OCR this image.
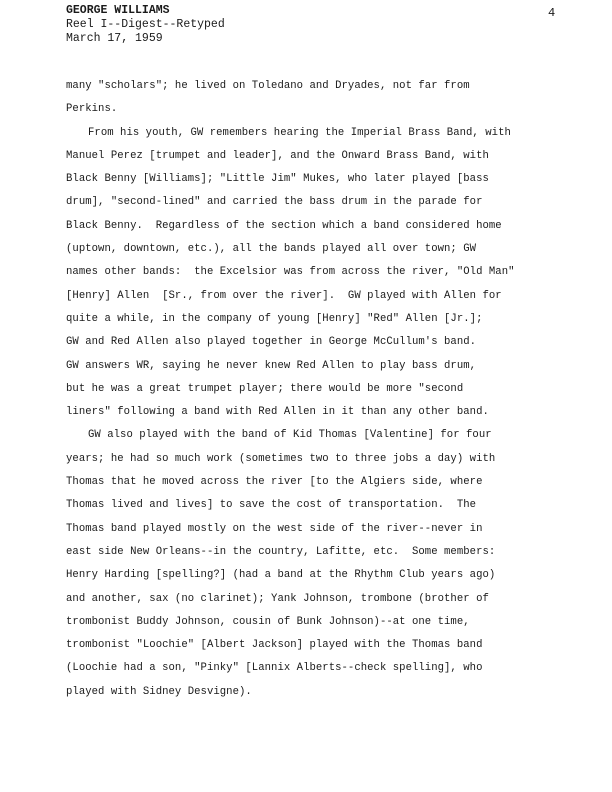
GEORGE WILLIAMS
Reel I--Digest--Retyped
March 17, 1959
4
many "scholars"; he lived on Toledano and Dryades, not far from
Perkins.
From his youth, GW remembers hearing the Imperial Brass Band, with
Manuel Perez [trumpet and leader], and the Onward Brass Band, with
Black Benny [Williams]; "Little Jim" Mukes, who later played [bass
drum], "second-lined" and carried the bass drum in the parade for
Black Benny.  Regardless of the section which a band considered home
(uptown, downtown, etc.), all the bands played all over town; GW
names other bands:  the Excelsior was from across the river, "Old Man"
[Henry] Allen  [Sr., from over the river].  GW played with Allen for
quite a while, in the company of young [Henry] "Red" Allen [Jr.];
GW and Red Allen also played together in George McCullum's band.
GW answers WR, saying he never knew Red Allen to play bass drum,
but he was a great trumpet player; there would be more "second
liners" following a band with Red Allen in it than any other band.
GW also played with the band of Kid Thomas [Valentine] for four
years; he had so much work (sometimes two to three jobs a day) with
Thomas that he moved across the river [to the Algiers side, where
Thomas lived and lives] to save the cost of transportation.  The
Thomas band played mostly on the west side of the river--never in
east side New Orleans--in the country, Lafitte, etc.  Some members:
Henry Harding [spelling?] (had a band at the Rhythm Club years ago)
and another, sax (no clarinet); Yank Johnson, trombone (brother of
trombonist Buddy Johnson, cousin of Bunk Johnson)--at one time,
trombonist "Loochie" [Albert Jackson] played with the Thomas band
(Loochie had a son, "Pinky" [Lannix Alberts--check spelling], who
played with Sidney Desvigne).
